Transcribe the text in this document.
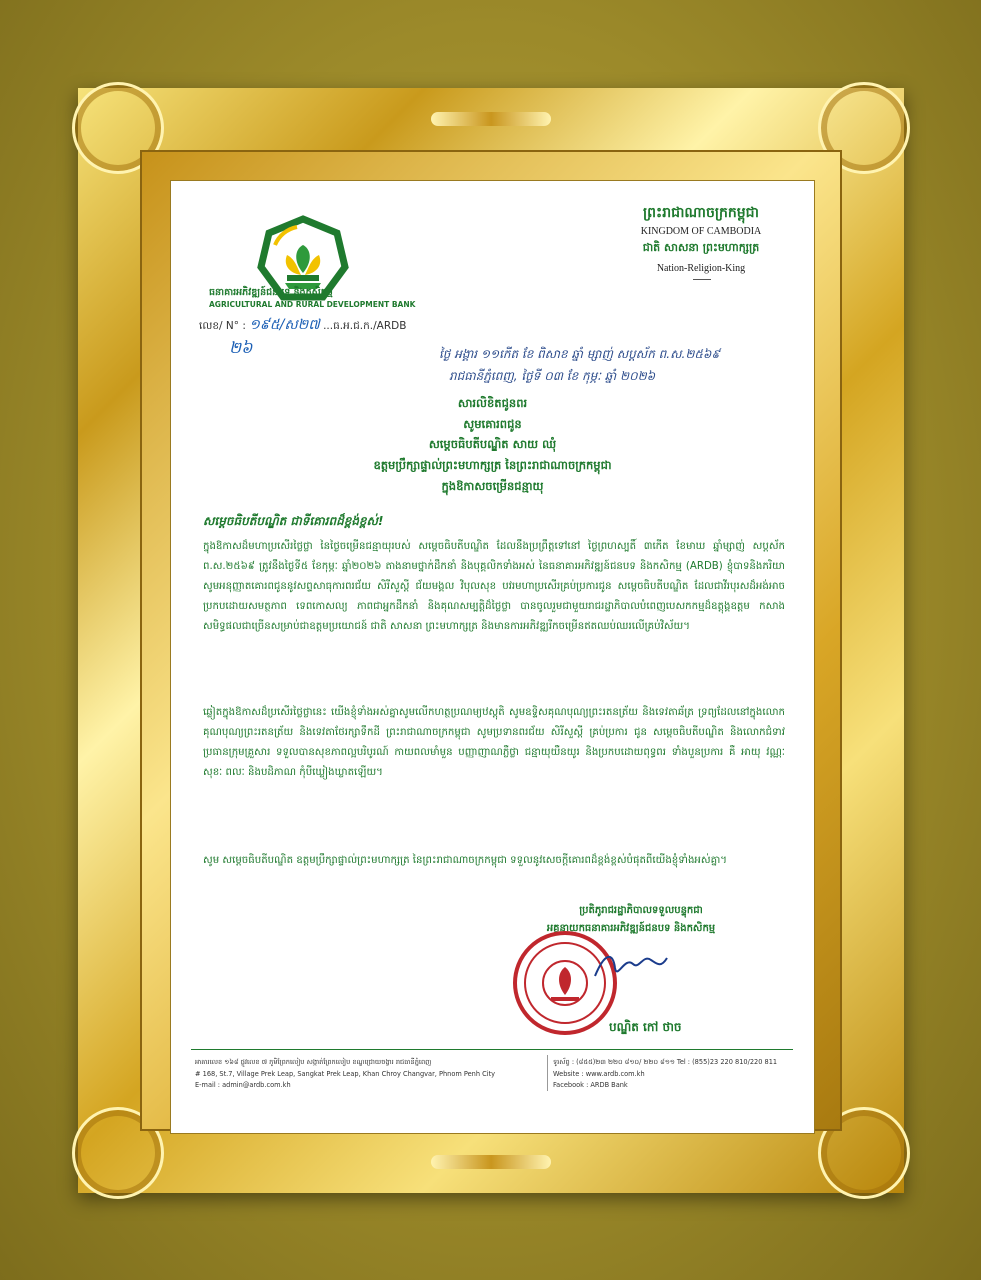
ធនាគារអភិវឌ្ឍន៍ជនបទ និងកសិកម្ម
AGRICULTURAL AND RURAL DEVELOPMENT BANK
លេខ/ N° : ១៩៥/ស២៧ ...ធ.អ.ជ.ក./ARDB
២៦
ព្រះរាជាណាចក្រកម្ពុជា
KINGDOM OF CAMBODIA
ជាតិ សាសនា ព្រះមហាក្សត្រ
Nation-Religion-King
ថ្ងៃ អង្គារ ១១កើត ខែ ពិសាខ ឆ្នាំ ម្សាញ់ សប្តស័ក ព.ស.២៥៦៩
រាជធានីភ្នំពេញ, ថ្ងៃទី ០៣ ខែ កុម្ភៈ ឆ្នាំ ២០២៦
សារលិខិតជូនពរ
សូមគោរពជូន
សម្តេចធិបតីបណ្ឌិត សាយ ឈុំ
ឧត្តមប្រឹក្សាផ្ទាល់ព្រះមហាក្សត្រ នៃព្រះរាជាណាចក្រកម្ពុជា
ក្នុងឱកាសចម្រើនជន្មាយុ
សម្តេចធិបតីបណ្ឌិត ជាទីគោរពដ៏ខ្ពង់ខ្ពស់!
ក្នុងឱកាសដ៏មហាប្រសើរថ្លៃថ្លា នៃថ្ងៃចម្រើនជន្មាយុរបស់ សម្តេចធិបតីបណ្ឌិត ដែលនឹងប្រព្រឹត្តទៅនៅ ថ្ងៃព្រហស្បតិ៍ ៣កើត ខែមាឃ ឆ្នាំម្សាញ់ សប្តស័ក ព.ស.២៥៦៩ ត្រូវនឹងថ្ងៃទី៥ ខែកុម្ភៈ ឆ្នាំ២០២៦ តាងនាមថ្នាក់ដឹកនាំ និងបុគ្គលិកទាំងអស់ នៃធនាគារអភិវឌ្ឍន៍ជនបទ និងកសិកម្ម (ARDB) ខ្ញុំបាទនិងភរិយា សូមអនុញ្ញាតគោរពជូននូវសព្ទសាធុការពរជ័យ សិរីសួស្តី ជ័យមង្គល វិបុលសុខ បវរមហាប្រសើរគ្រប់ប្រការជូន សម្តេចធិបតីបណ្ឌិត ដែលជាវីរបុរសដ៏អង់អាចប្រកបដោយសមត្ថភាព ទេពកោសល្យ ភាពជាអ្នកដឹកនាំ និងគុណសម្បត្តិដ៏ថ្លៃថ្លា បានចូលរួមជាមួយរាជរដ្ឋាភិបាលបំពេញបេសកកម្មដ៏ឧត្តុង្គឧត្តម កសាងសមិទ្ធផលជាច្រើនសម្រាប់ជាឧត្តមប្រយោជន៍ ជាតិ សាសនា ព្រះមហាក្សត្រ និងមានការអភិវឌ្ឍរីកចម្រើនឥតឈប់ឈរលើគ្រប់វិស័យ។
ឆ្លៀតក្នុងឱកាសដ៏ប្រសើរថ្លៃថ្លានេះ យើងខ្ញុំទាំងអស់គ្នាសូមលើកហត្ថប្រណម្យឋស្តុតិ សូមឧទ្ទិសគុណបុណ្យព្រះរតនត្រ័យ និងទេវតាឆ័ត្រ ទ្រព្យដែលនៅក្នុងលោក គុណបុណ្យព្រះរតនត្រ័យ និងទេវតាថែរក្សាទឹកដី ព្រះរាជាណាចក្រកម្ពុជា សូមប្រទានពរជ័យ សិរីសួស្តី គ្រប់ប្រការ ជូន សម្តេចធិបតីបណ្ឌិត និងលោកជំទាវ ប្រធានក្រុមគ្រួសារ ទទួលបានសុខភាពល្អបរិបូរណ៍ កាយពលមាំមួន បញ្ញាញាណភ្លឺថ្លា ជន្មាយុយឺនយូរ និងប្រកបដោយពុទ្ធពរ ទាំងបួនប្រការ គឺ អាយុ វណ្ណៈ សុខៈ ពលៈ និងបដិភាណ កុំបីឃ្លៀងឃ្លាតឡើយ។
សូម សម្តេចធិបតីបណ្ឌិត ឧត្តមប្រឹក្សាផ្ទាល់ព្រះមហាក្សត្រ នៃព្រះរាជាណាចក្រកម្ពុជា ទទួលនូវសេចក្តីគោរពដ៏ខ្ពង់ខ្ពស់បំផុតពីយើងខ្ញុំទាំងអស់គ្នា។
ប្រតិភូរាជរដ្ឋាភិបាលទទួលបន្ទុកជា
អគ្គនាយកធនាគារអភិវឌ្ឍន៍ជនបទ និងកសិកម្ម
បណ្ឌិត កៅ ថាច
អាគារលេខ ១៦៨ ផ្លូវលេខ ៧ ភូមិព្រែកលៀប សង្កាត់ព្រែកលៀប ខណ្ឌជ្រោយចង្វារ រាជធានីភ្នំពេញ
# 168, St.7, Village Prek Leap, Sangkat Prek Leap, Khan Chroy Changvar, Phnom Penh City
E-mail : admin@ardb.com.kh
ទូរស័ព្ទ : (៨៥៥)២៣ ២២០ ៨១០/ ២២០ ៨១១ Tel : (855)23 220 810/220 811
Website : www.ardb.com.kh
Facebook : ARDB Bank
